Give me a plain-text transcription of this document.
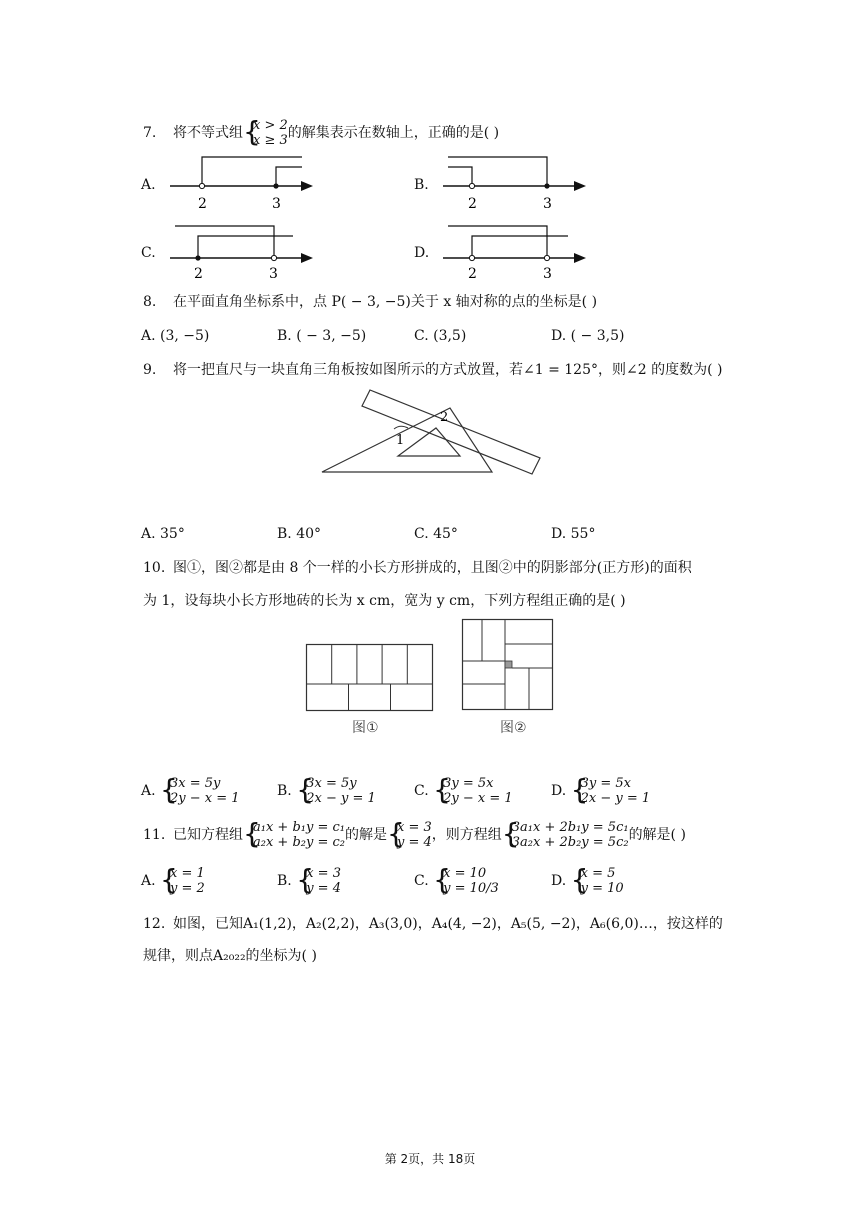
7. 将不等式组 {
x > 2
x ≥ 3 的解集表示在数轴上，正确的是( )
A.
2	3
B.
2	3
C.
2	3
D.
2	3
8. 在平面直角坐标系中，点 P( − 3, −5)关于 x 轴对称的点的坐标是( )
A. (3, −5)	B. ( − 3, −5)	C. (3,5)	D. ( − 3,5)
9. 将一把直尺与一块直角三角板按如图所示的方式放置，若∠1 = 125°，则∠2 的度数为( )
1
2
A. 35°	B. 40°	C. 45°	D. 55°
10. 图①，图②都是由 8 个一样的小长方形拼成的，且图②中的阴影部分(正方形)的面积
为 1，设每块小长方形地砖的长为 x cm，宽为 y cm，下列方程组正确的是( )
图①	图②
A. {
3x = 5y
2y − x = 1	B. {
3x = 5y
2x − y = 1	C. {
3y = 5x
2y − x = 1	D. {
3y = 5x
2x − y = 1
11. 已知方程组 {
a₁x + b₁y = c₁
a₂x + b₂y = c₂ 的解是 {
x = 3
y = 4 ，则方程组 {
3a₁x + 2b₁y = 5c₁
3a₂x + 2b₂y = 5c₂ 的解是( )
A. {
x = 1
y = 2	B. {
x = 3
y = 4	C. {
x = 10
y = 10/3	D. {
x = 5
y = 10
12. 如图，已知A₁(1,2)，A₂(2,2)，A₃(3,0)，A₄(4, −2)，A₅(5, −2)，A₆(6,0)…，按这样的
规律，则点A₂₀₂₂的坐标为( )
第 2页，共 18页
